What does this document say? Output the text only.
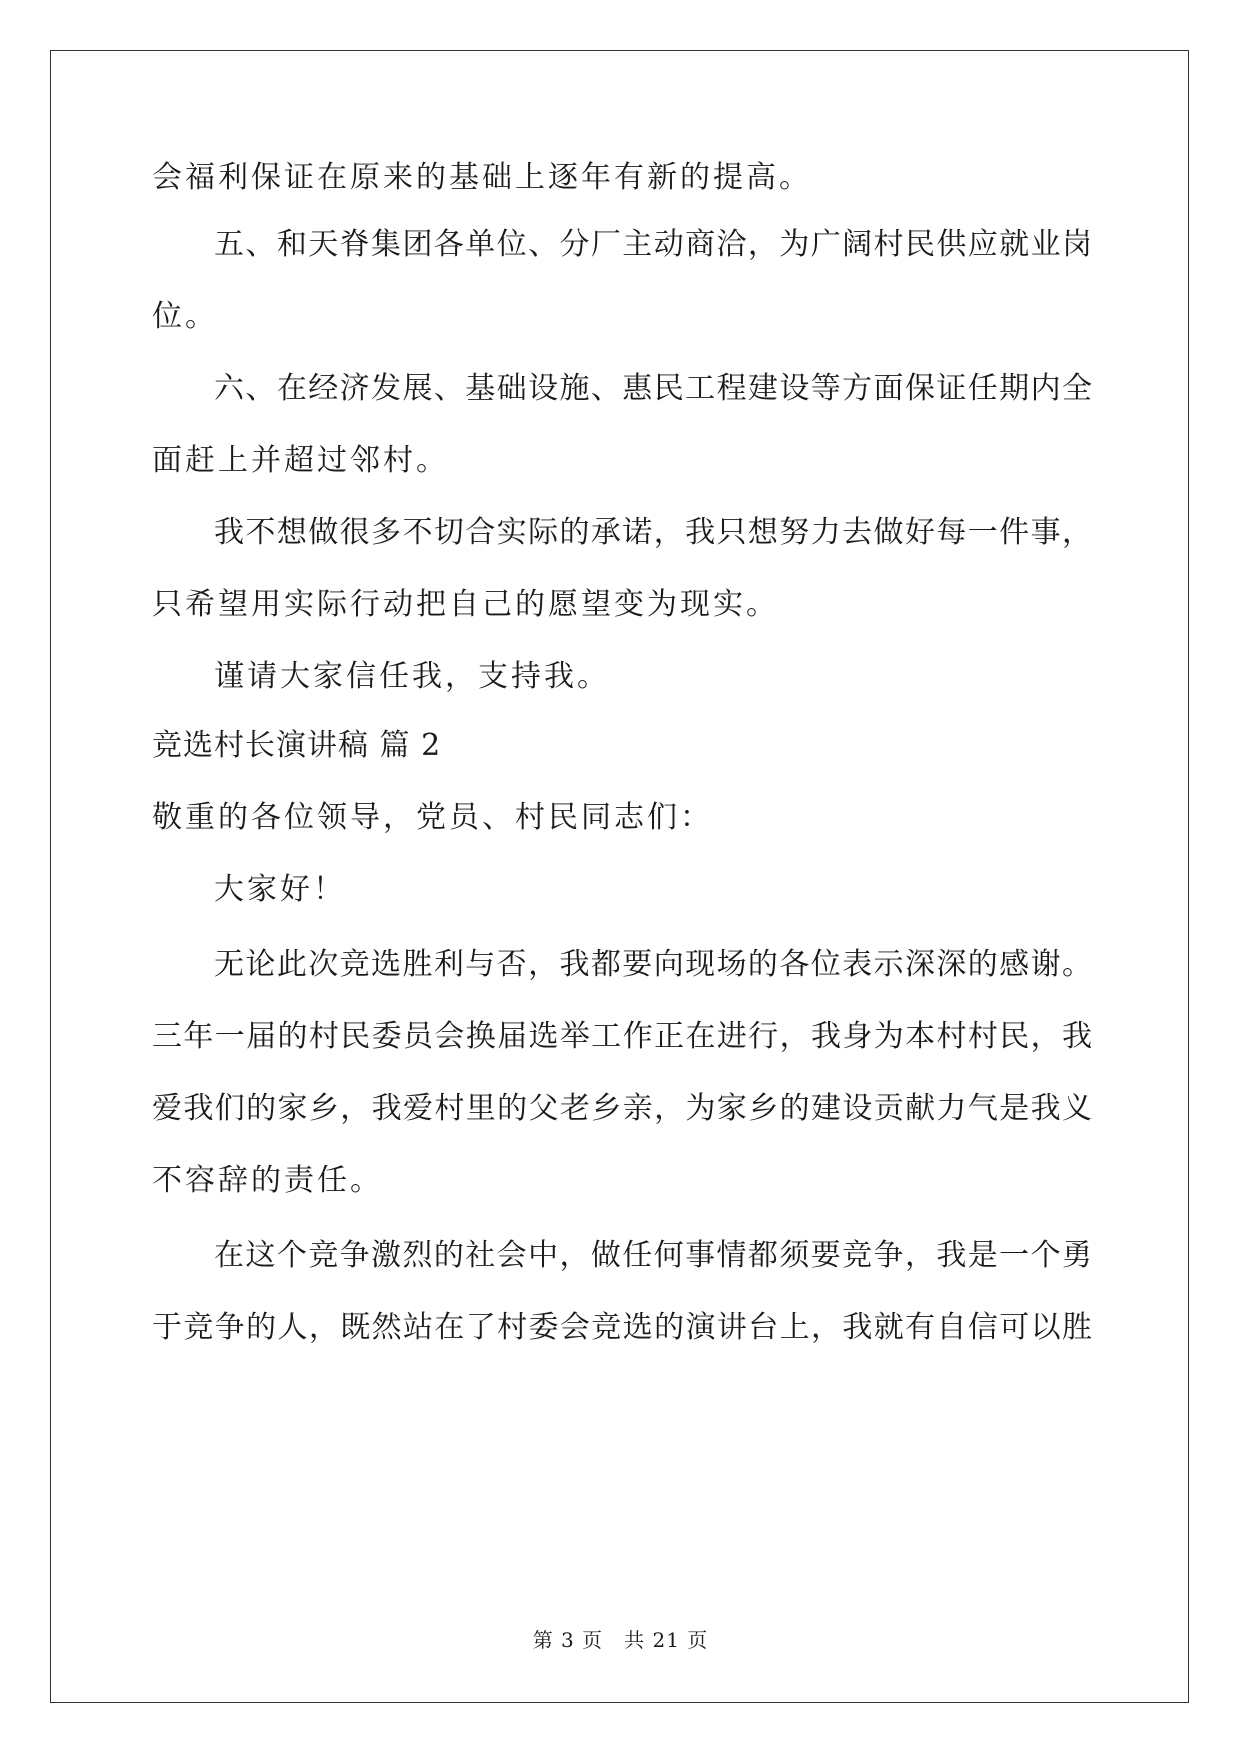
会福利保证在原来的基础上逐年有新的提高。
五、和天脊集团各单位、分厂主动商洽，为广阔村民供应就业岗
位。
六、在经济发展、基础设施、惠民工程建设等方面保证任期内全
面赶上并超过邻村。
我不想做很多不切合实际的承诺，我只想努力去做好每一件事，
只希望用实际行动把自己的愿望变为现实。
谨请大家信任我，支持我。
竞选村长演讲稿 篇 2
敬重的各位领导，党员、村民同志们：
大家好！
无论此次竞选胜利与否，我都要向现场的各位表示深深的感谢。
三年一届的村民委员会换届选举工作正在进行，我身为本村村民，我
爱我们的家乡，我爱村里的父老乡亲，为家乡的建设贡献力气是我义
不容辞的责任。
在这个竞争激烈的社会中，做任何事情都须要竞争，我是一个勇
于竞争的人，既然站在了村委会竞选的演讲台上，我就有自信可以胜
第 3 页　共 21 页
